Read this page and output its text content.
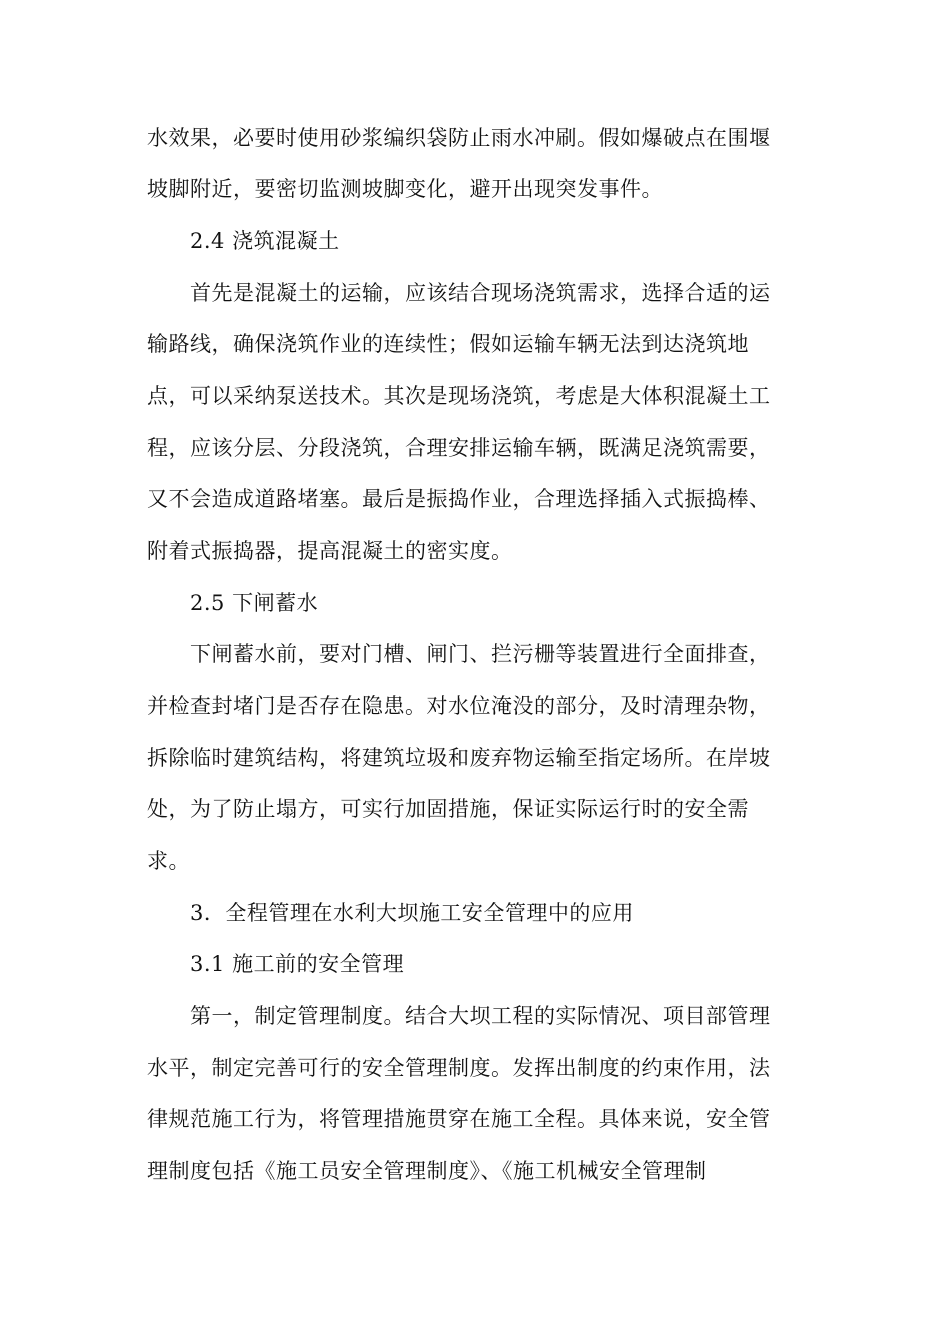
水效果，必要时使用砂浆编织袋防止雨水冲刷。假如爆破点在围堰
坡脚附近，要密切监测坡脚变化，避开出现突发事件。
2.4 浇筑混凝土
首先是混凝土的运输，应该结合现场浇筑需求，选择合适的运
输路线，确保浇筑作业的连续性；假如运输车辆无法到达浇筑地
点，可以采纳泵送技术。其次是现场浇筑，考虑是大体积混凝土工
程，应该分层、分段浇筑，合理安排运输车辆，既满足浇筑需要，
又不会造成道路堵塞。最后是振捣作业，合理选择插入式振捣棒、
附着式振捣器，提高混凝土的密实度。
2.5 下闸蓄水
下闸蓄水前，要对门槽、闸门、拦污栅等装置进行全面排查，
并检查封堵门是否存在隐患。对水位淹没的部分，及时清理杂物，
拆除临时建筑结构，将建筑垃圾和废弃物运输至指定场所。在岸坡
处，为了防止塌方，可实行加固措施，保证实际运行时的安全需
求。
3．全程管理在水利大坝施工安全管理中的应用
3.1 施工前的安全管理
第一，制定管理制度。结合大坝工程的实际情况、项目部管理
水平，制定完善可行的安全管理制度。发挥出制度的约束作用，法
律规范施工行为，将管理措施贯穿在施工全程。具体来说，安全管
理制度包括《施工员安全管理制度》、《施工机械安全管理制
